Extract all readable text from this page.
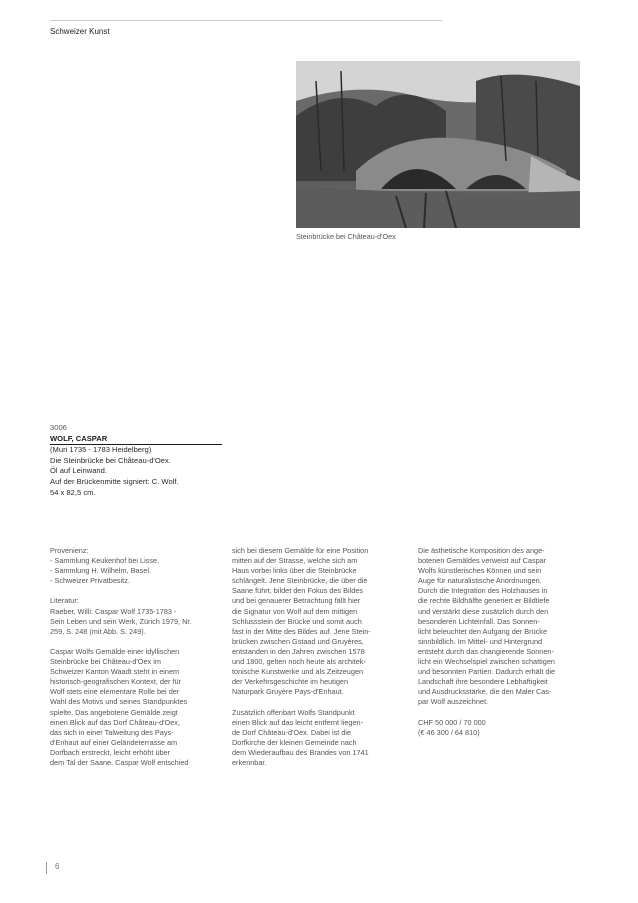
Schweizer Kunst
Steinbrücke bei Château-d'Oex
3006
WOLF, CASPAR
(Muri 1735 - 1783 Heidelberg)
Die Steinbrücke bei Château-d'Oex.
Öl auf Leinwand.
Auf der Brückenmitte signiert: C. Wolf.
54 x 82,5 cm.
Provenienz:
- Sammlung Keukenhof bei Lisse.
- Sammlung H. Wilhelm, Basel.
- Schweizer Privatbesitz.
Literatur:
Raeber, Willi: Caspar Wolf 1735-1783 -
Sein Leben und sein Werk, Zürich 1979, Nr.
259, S. 248 (mit Abb. S. 249).
Caspar Wolfs Gemälde einer idyllischen
Steinbrücke bei Château-d'Oex im
Schweizer Kanton Waadt steht in einem
historisch-geografischen Kontext, der für
Wolf stets eine elementare Rolle bei der
Wahl des Motivs und seines Standpunktes
spielte. Das angebotene Gemälde zeigt
einen Blick auf das Dorf Château-d'Oex,
das sich in einer Talweitung des Pays-
d'Enhaut auf einer Geländeterrasse am
Dorfbach erstreckt, leicht erhöht über
dem Tal der Saane. Caspar Wolf entschied
sich bei diesem Gemälde für eine Position
mitten auf der Strasse, welche sich am
Haus vorbei links über die Steinbrücke
schlängelt. Jene Steinbrücke, die über die
Saane führt, bildet den Fokus des Bildes
und bei genauerer Betrachtung fällt hier
die Signatur von Wolf auf dem mittigen
Schlussstein der Brücke und somit auch
fast in der Mitte des Bildes auf. Jene Stein-
brücken zwischen Gstaad und Gruyères,
entstanden in den Jahren zwischen 1578
und 1800, gelten noch heute als architek-
tonische Kunstwerke und als Zeitzeugen
der Verkehrsgeschichte im heutigen
Naturpark Gruyère Pays-d'Enhaut.
Zusätzlich offenbart Wolfs Standpunkt
einen Blick auf das leicht entfernt liegen-
de Dorf Château-d'Oex. Dabei ist die
Dorfkirche der kleinen Gemeinde nach
dem Wiederaufbau des Brandes von 1741
erkennbar.
Die ästhetische Komposition des ange-
botenen Gemäldes verweist auf Caspar
Wolfs künstlerisches Können und sein
Auge für naturalistische Anordnungen.
Durch die Integration des Holzhauses in
die rechte Bildhälfte generiert er Bildtiefe
und verstärkt diese zusätzlich durch den
besonderen Lichteinfall. Das Sonnen-
licht beleuchtet den Aufgang der Brücke
sinnbildlich. Im Mittel- und Hintergrund
entsteht durch das changierende Sonnen-
licht ein Wechselspiel zwischen schattigen
und besonnten Partien. Dadurch erhält die
Landschaft ihre besondere Lebhaftigkeit
und Ausdrucksstärke, die den Maler Cas-
par Wolf auszeichnet.
CHF 50 000 / 70 000
(€ 46 300 / 64 810)
6
